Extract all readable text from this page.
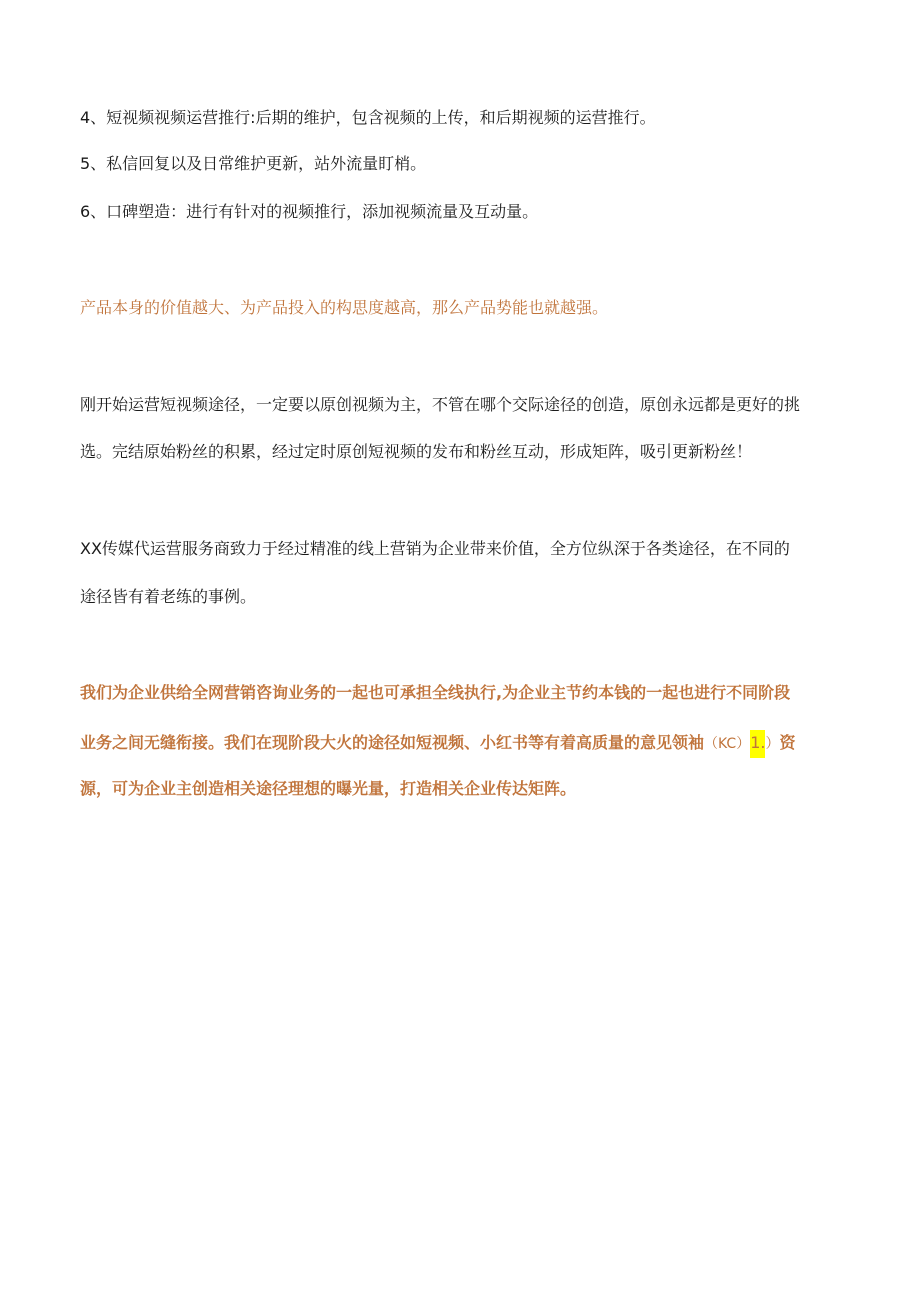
4、短视频视频运营推行:后期的维护，包含视频的上传，和后期视频的运营推行。
5、私信回复以及日常维护更新，站外流量盯梢。
6、口碑塑造：进行有针对的视频推行，添加视频流量及互动量。
产品本身的价值越大、为产品投入的构思度越高，那么产品势能也就越强。
刚开始运营短视频途径，一定要以原创视频为主，不管在哪个交际途径的创造，原创永远都是更好的挑
选。完结原始粉丝的积累，经过定时原创短视频的发布和粉丝互动，形成矩阵，吸引更新粉丝！
XX传媒代运营服务商致力于经过精准的线上营销为企业带来价值，全方位纵深于各类途径，在不同的
途径皆有着老练的事例。
我们为企业供给全网营销咨询业务的一起也可承担全线执行,为企业主节约本钱的一起也进行不同阶段
业务之间无缝衔接。我们在现阶段大火的途径如短视频、小红书等有着高质量的意见领袖（KC）1.）资
源，可为企业主创造相关途径理想的曝光量，打造相关企业传达矩阵。
